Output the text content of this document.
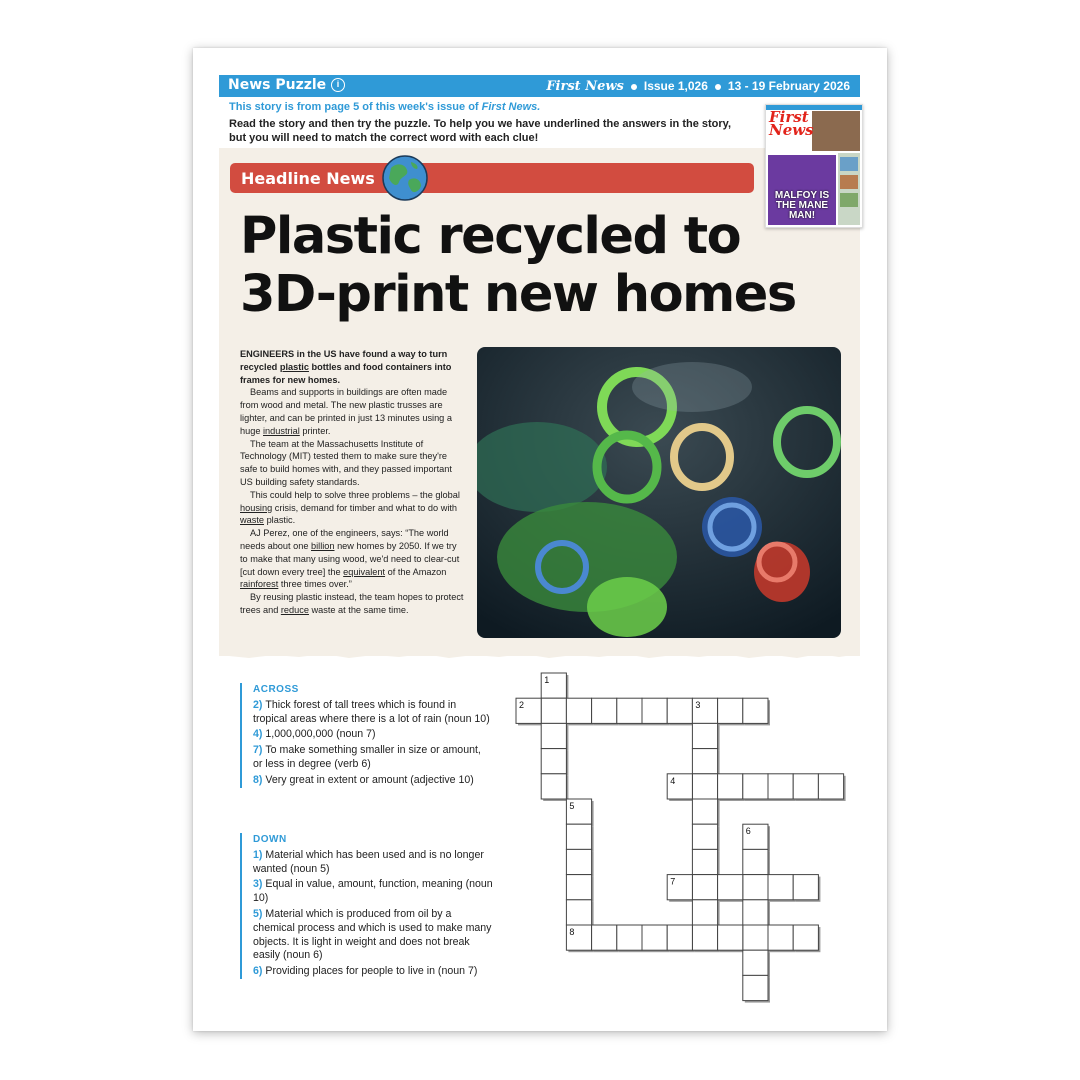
News Puzzle	i	First News Issue 1,026 13 - 19 February 2026
This story is from page 5 of this week's issue of First News.
Read the story and then try the puzzle. To help you we have underlined the answers in the story, but you will need to match the correct word with each clue!
Headline News
First
News
MALFOY IS THE MANE MAN!
Plastic recycled to 3D-print new homes

ENGINEERS in the US have found a way to turn recycled plastic bottles and food containers into frames for new homes.

Beams and supports in buildings are often made from wood and metal. The new plastic trusses are lighter, and can be printed in just 13 minutes using a huge industrial printer.

The team at the Massachusetts Institute of Technology (MIT) tested them to make sure they're safe to build homes with, and they passed important US building safety standards.

This could help to solve three problems – the global housing crisis, demand for timber and what to do with waste plastic.

AJ Perez, one of the engineers, says: “The world needs about one billion new homes by 2050. If we try to make that many using wood, we'd need to clear-cut [cut down every tree] the equivalent of the Amazon rainforest three times over.”

By reusing plastic instead, the team hopes to protect trees and reduce waste at the same time.

ACROSS
2) Thick forest of tall trees which is found in tropical areas where there is a lot of rain (noun 10)
4) 1,000,000,000 (noun 7)
7) To make something smaller in size or amount, or less in degree (verb 6)
8) Very great in extent or amount (adjective 10)
DOWN
1) Material which has been used and is no longer wanted (noun 5)
3) Equal in value, amount, function, meaning (noun 10)
5) Material which is produced from oil by a chemical process and which is used to make many objects. It is light in weight and does not break easily (noun 6)
6) Providing places for people to live in (noun 7)
1
2	3
4
5
6
7
8
